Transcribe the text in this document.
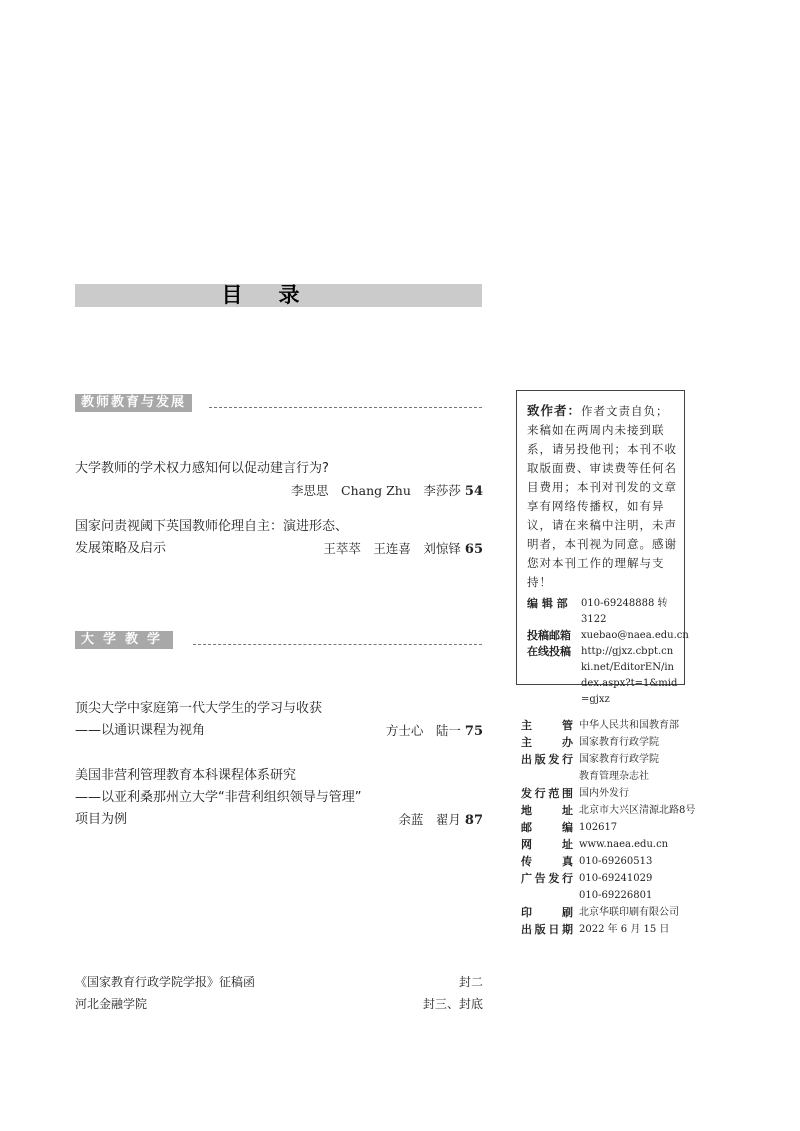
目录
教师教育与发展
大学教师的学术权力感知何以促动建言行为?
李思思　Chang Zhu　李莎莎 54
国家问责视阈下英国教师伦理自主：演进形态、
发展策略及启示	王萃萃　王连喜　刘惊铎 65
大学教学
顶尖大学中家庭第一代大学生的学习与收获
——以通识课程为视角	方士心　陆一 75
美国非营利管理教育本科课程体系研究
——以亚利桑那州立大学“非营利组织领导与管理”
项目为例	余蓝　翟月 87
《国家教育行政学院学报》征稿函	封二
河北金融学院	封三、封底
致作者：作者文责自负；来稿如在两周内未接到联系，请另投他刊；本刊不收取版面费、审读费等任何名目费用；本刊对刊发的文章享有网络传播权，如有异议，请在来稿中注明，未声明者，本刊视为同意。感谢您对本刊工作的理解与支持！
编 辑 部	010-69248888 转 3122
投稿邮箱	xuebao@naea.edu.cn
在线投稿	http://gjxz.cbpt.cnki.net/EditorEN/index.aspx?t=1&mid=gjxz
主管 中华人民共和国教育部
主办 国家教育行政学院
出版发行 国家教育行政学院
教育管理杂志社
发行范围 国内外发行
地址 北京市大兴区清源北路8号
邮编 102617
网址 www.naea.edu.cn
传真 010-69260513
广告发行 010-69241029
010-69226801
印刷 北京华联印刷有限公司
出版日期 2022 年 6 月 15 日
